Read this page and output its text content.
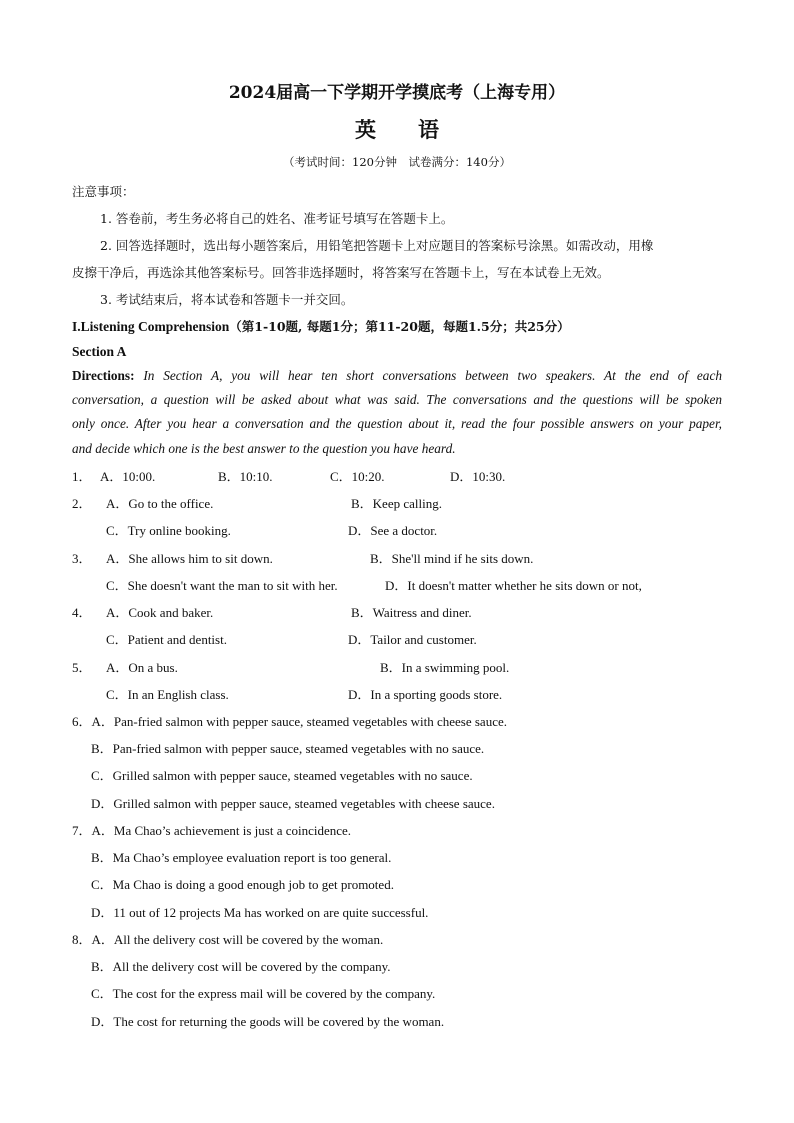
2024届高一下学期开学摸底考（上海专用）
英语
（考试时间：120分钟　试卷满分：140分）
注意事项：
1. 答卷前，考生务必将自己的姓名、准考证号填写在答题卡上。
2. 回答选择题时，选出每小题答案后，用铅笔把答题卡上对应题目的答案标号涂黑。如需改动，用橡
皮擦干净后，再选涂其他答案标号。回答非选择题时，将答案写在答题卡上，写在本试卷上无效。
3. 考试结束后，将本试卷和答题卡一并交回。
I.Listening Comprehension（第1-10题, 每题1分；第11-20题，每题1.5分；共25分）
Section A
Directions: In Section A, you will hear ten short conversations between two speakers. At the end of each
conversation, a question will be asked about what was said. The conversations and the questions will be spoken
only once. After you hear a conversation and the question about it, read the four possible answers on your paper,
and decide which one is the best answer to the question you have heard.
1． A．10:00.	B．10:10.	C．10:20.	D．10:30.
2． A．Go to the office.	B．Keep calling.
C．Try online booking.	D．See a doctor.
3． A．She allows him to sit down.	B．She'll mind if he sits down.
C．She doesn't want the man to sit with her.	D．It doesn't matter whether he sits down or not,
4． A．Cook and baker.	B．Waitress and diner.
C．Patient and dentist.	D．Tailor and customer.
5． A．On a bus.	B．In a swimming pool.
C．In an English class.	D．In a sporting goods store.
6．A．Pan-fried salmon with pepper sauce, steamed vegetables with cheese sauce.
B．Pan-fried salmon with pepper sauce, steamed vegetables with no sauce.
C．Grilled salmon with pepper sauce, steamed vegetables with no sauce.
D．Grilled salmon with pepper sauce, steamed vegetables with cheese sauce.
7．A．Ma Chao’s achievement is just a coincidence.
B．Ma Chao’s employee evaluation report is too general.
C．Ma Chao is doing a good enough job to get promoted.
D．11 out of 12 projects Ma has worked on are quite successful.
8．A．All the delivery cost will be covered by the woman.
B．All the delivery cost will be covered by the company.
C．The cost for the express mail will be covered by the company.
D．The cost for returning the goods will be covered by the woman.
